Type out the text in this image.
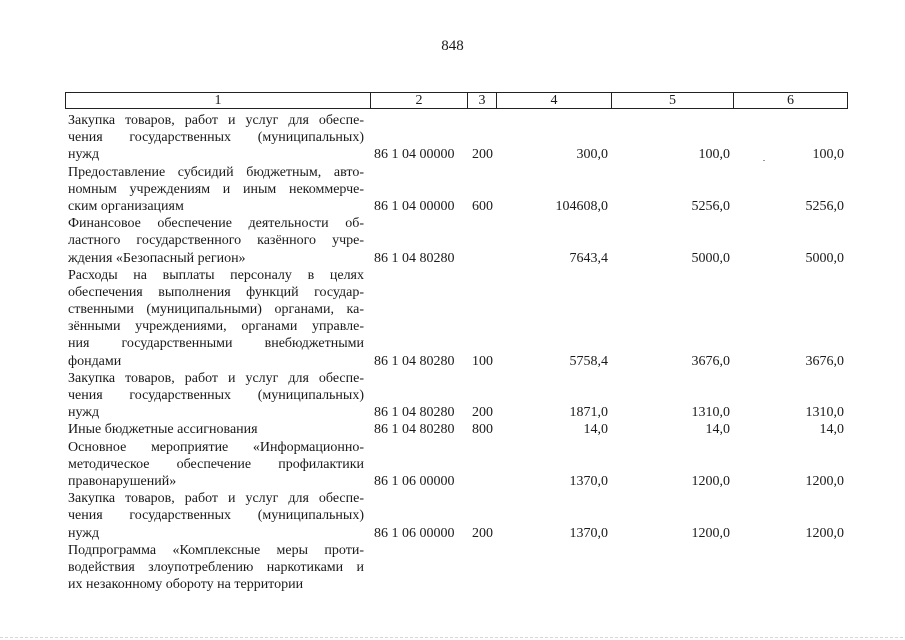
848
1	2	3	4	5	6
Закупка товаров, работ и услуг для обеспе-
чения государственных (муниципальных)
нужд	86 1 04 00000 200	300,0	100,0	100,0
Предоставление субсидий бюджетным, авто-
номным учреждениям и иным некоммерче-
ским организациям	86 1 04 00000 600	104608,0	5256,0	5256,0
Финансовое обеспечение деятельности об-
ластного государственного казённого учре-
ждения «Безопасный регион»	86 1 04 80280	7643,4	5000,0	5000,0
Расходы на выплаты персоналу в целях
обеспечения выполнения функций государ-
ственными (муниципальными) органами, ка-
зёнными учреждениями, органами управле-
ния государственными внебюджетными
фондами	86 1 04 80280 100	5758,4	3676,0	3676,0
Закупка товаров, работ и услуг для обеспе-
чения государственных (муниципальных)
нужд	86 1 04 80280 200	1871,0	1310,0	1310,0
Иные бюджетные ассигнования	86 1 04 80280 800	14,0	14,0	14,0
Основное мероприятие «Информационно-
методическое обеспечение профилактики
правонарушений»	86 1 06 00000	1370,0	1200,0	1200,0
Закупка товаров, работ и услуг для обеспе-
чения государственных (муниципальных)
нужд	86 1 06 00000 200	1370,0	1200,0	1200,0
Подпрограмма «Комплексные меры проти-
водействия злоупотреблению наркотиками и
их незаконному обороту на территории
